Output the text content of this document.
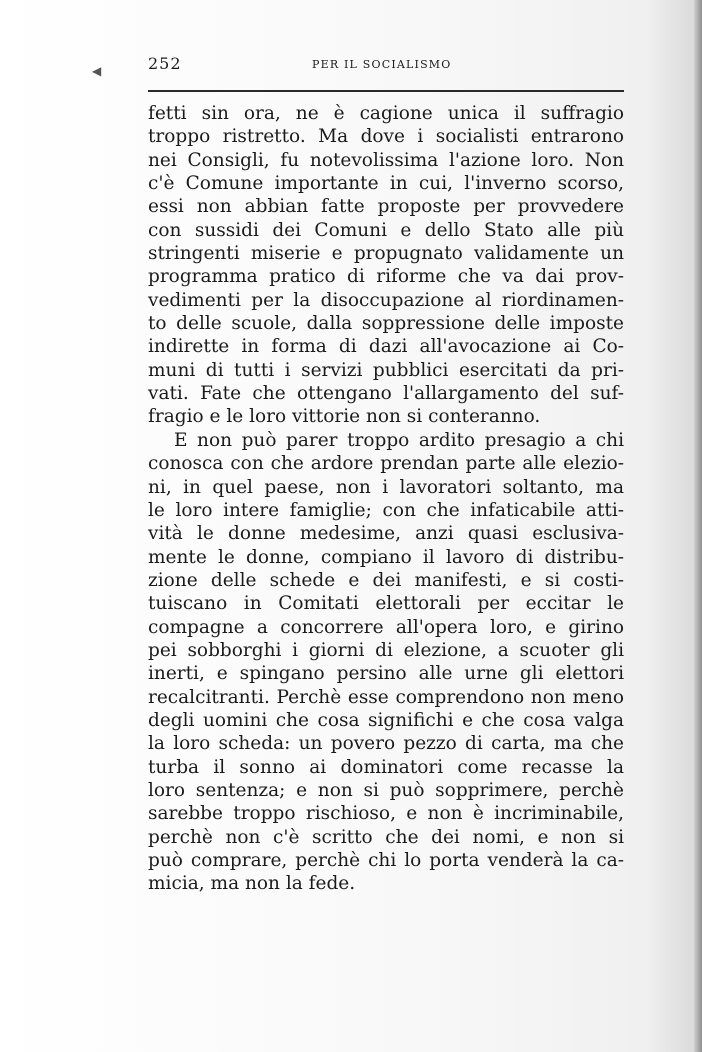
◀	252	PER IL SOCIALISMO
fetti sin ora, ne è cagione unica il suffragio
troppo ristretto. Ma dove i socialisti entrarono
nei Consigli, fu notevolissima l'azione loro. Non
c'è Comune importante in cui, l'inverno scorso,
essi non abbian fatte proposte per provvedere
con sussidi dei Comuni e dello Stato alle più
stringenti miserie e propugnato validamente un
programma pratico di riforme che va dai prov-
vedimenti per la disoccupazione al riordinamen-
to delle scuole, dalla soppressione delle imposte
indirette in forma di dazi all'avocazione ai Co-
muni di tutti i servizi pubblici esercitati da pri-
vati. Fate che ottengano l'allargamento del suf-
fragio e le loro vittorie non si conteranno.
E non può parer troppo ardito presagio a chi
conosca con che ardore prendan parte alle elezio-
ni, in quel paese, non i lavoratori soltanto, ma
le loro intere famiglie; con che infaticabile atti-
vità le donne medesime, anzi quasi esclusiva-
mente le donne, compiano il lavoro di distribu-
zione delle schede e dei manifesti, e si costi-
tuiscano in Comitati elettorali per eccitar le
compagne a concorrere all'opera loro, e girino
pei sobborghi i giorni di elezione, a scuoter gli
inerti, e spingano persino alle urne gli elettori
recalcitranti. Perchè esse comprendono non meno
degli uomini che cosa significhi e che cosa valga
la loro scheda: un povero pezzo di carta, ma che
turba il sonno ai dominatori come recasse la
loro sentenza; e non si può sopprimere, perchè
sarebbe troppo rischioso, e non è incriminabile,
perchè non c'è scritto che dei nomi, e non si
può comprare, perchè chi lo porta venderà la ca-
micia, ma non la fede.
